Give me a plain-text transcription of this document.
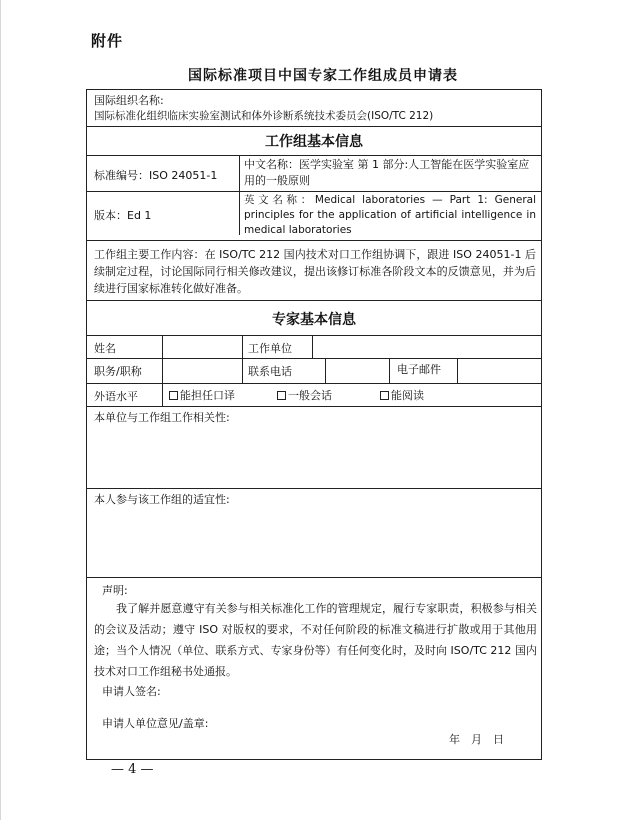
附件
国际标准项目中国专家工作组成员申请表
国际组织名称:
国际标准化组织临床实验室测试和体外诊断系统技术委员会(ISO/TC 212)
工作组基本信息
标准编号：ISO 24051-1
中文名称：医学实验室 第 1 部分:人工智能在医学实验室应用的一般原则
版本：Ed 1
英文名称：Medical laboratories — Part 1: General principles for the application of artificial intelligence in medical laboratories
工作组主要工作内容：在 ISO/TC 212 国内技术对口工作组协调下，跟进 ISO 24051-1 后续制定过程，讨论国际同行相关修改建议，提出该修订标准各阶段文本的反馈意见，并为后续进行国家标准转化做好准备。
专家基本信息
姓名	工作单位
职务/职称	联系电话	电子邮件
外语水平	能担任口译	一般会话	能阅读
本单位与工作组工作相关性:
本人参与该工作组的适宜性:
声明:
我了解并愿意遵守有关参与相关标准化工作的管理规定，履行专家职责，积极参与相关的会议及活动；遵守 ISO 对版权的要求，不对任何阶段的标准文稿进行扩散或用于其他用途；当个人情况（单位、联系方式、专家身份等）有任何变化时，及时向 ISO/TC 212 国内技术对口工作组秘书处通报。
申请人签名:
申请人单位意见/盖章:
年　月　日
— 4 —
